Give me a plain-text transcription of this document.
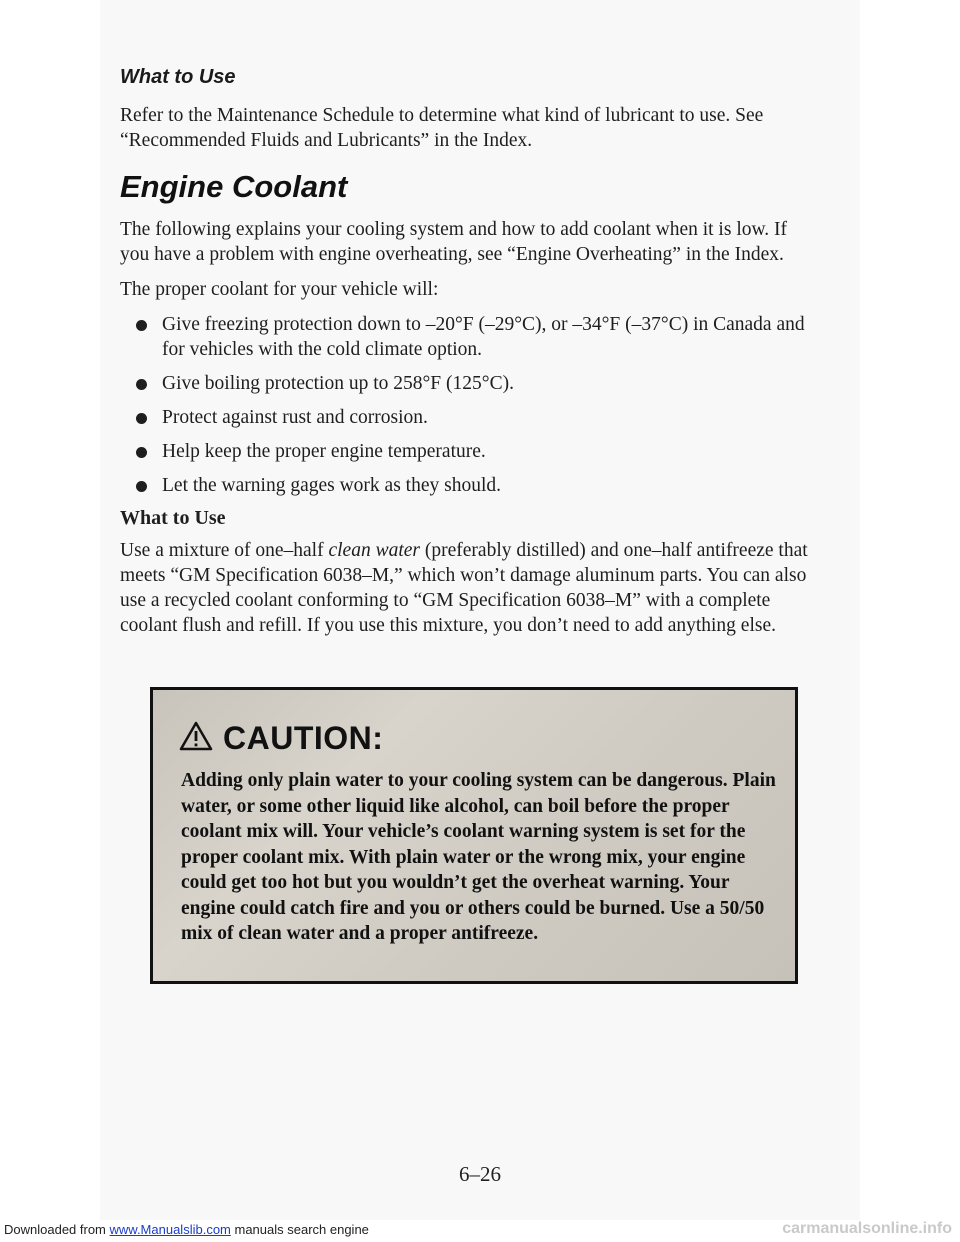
What to Use

Refer to the Maintenance Schedule to determine what kind of lubricant to use. See “Recommended Fluids and Lubricants” in the Index.

Engine Coolant

The following explains your cooling system and how to add coolant when it is low. If you have a problem with engine overheating, see “Engine Overheating” in the Index.

The proper coolant for your vehicle will:

Give freezing protection down to –20°F (–29°C), or –34°F (–37°C) in Canada and for vehicles with the cold climate option.
Give boiling protection up to 258°F (125°C).
Protect against rust and corrosion.
Help keep the proper engine temperature.
Let the warning gages work as they should.
What to Use

Use a mixture of one–half clean water (preferably distilled) and one–half antifreeze that meets “GM Specification 6038–M,” which won’t damage aluminum parts. You can also use a recycled coolant conforming to “GM Specification 6038–M” with a complete coolant flush and refill. If you use this mixture, you don’t need to add anything else.

CAUTION:
Adding only plain water to your cooling system can be dangerous. Plain water, or some other liquid like alcohol, can boil before the proper coolant mix will. Your vehicle’s coolant warning system is set for the proper coolant mix. With plain water or the wrong mix, your engine could get too hot but you wouldn’t get the overheat warning. Your engine could catch fire and you or others could be burned. Use a 50/50 mix of clean water and a proper antifreeze.
6–26
Downloaded from www.Manualslib.com manuals search engine	carmanualsonline.info
